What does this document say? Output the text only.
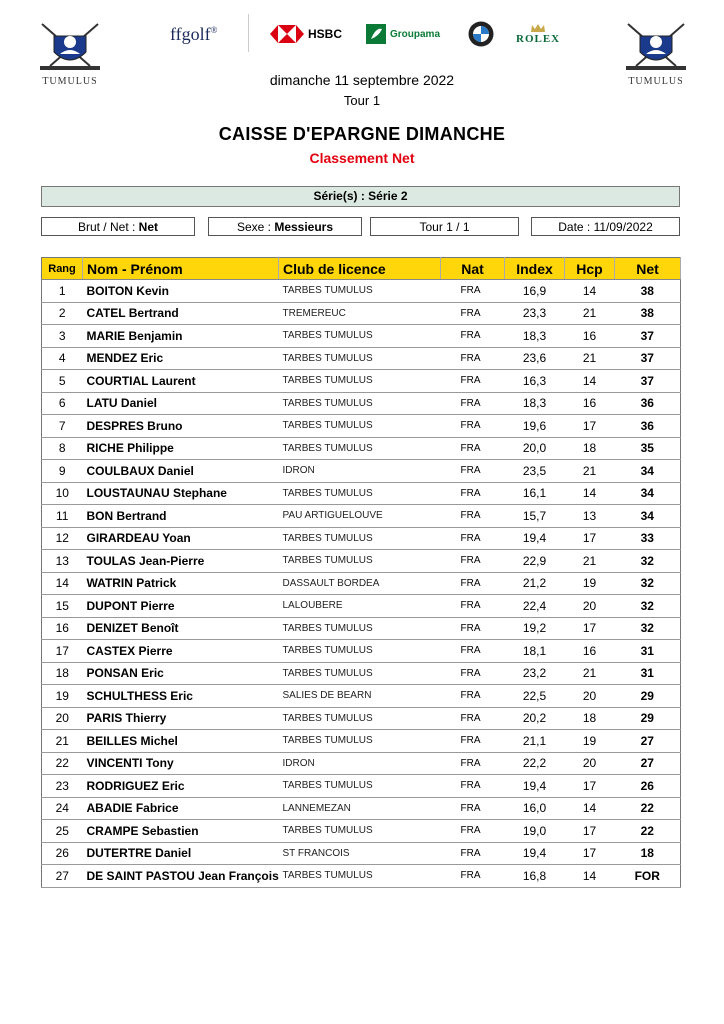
TUMULUS	TUMULUS
ffgolf ®	HSBC	Groupama	ROLEX
dimanche 11 septembre 2022
Tour 1
CAISSE D'EPARGNE DIMANCHE
Classement Net
Série(s) : Série 2
Brut / Net : Net	Sexe : Messieurs	Tour 1 / 1	Date : 11/09/2022
Rang	Nom - Prénom	Club de licence	Nat	Index	Hcp	Net
1	BOITON Kevin	TARBES TUMULUS	FRA	16,9	14	38
2	CATEL Bertrand	TREMEREUC	FRA	23,3	21	38
3	MARIE Benjamin	TARBES TUMULUS	FRA	18,3	16	37
4	MENDEZ Eric	TARBES TUMULUS	FRA	23,6	21	37
5	COURTIAL Laurent	TARBES TUMULUS	FRA	16,3	14	37
6	LATU Daniel	TARBES TUMULUS	FRA	18,3	16	36
7	DESPRES Bruno	TARBES TUMULUS	FRA	19,6	17	36
8	RICHE Philippe	TARBES TUMULUS	FRA	20,0	18	35
9	COULBAUX Daniel	IDRON	FRA	23,5	21	34
10	LOUSTAUNAU Stephane	TARBES TUMULUS	FRA	16,1	14	34
11	BON Bertrand	PAU ARTIGUELOUVE	FRA	15,7	13	34
12	GIRARDEAU Yoan	TARBES TUMULUS	FRA	19,4	17	33
13	TOULAS Jean-Pierre	TARBES TUMULUS	FRA	22,9	21	32
14	WATRIN Patrick	DASSAULT BORDEA	FRA	21,2	19	32
15	DUPONT Pierre	LALOUBERE	FRA	22,4	20	32
16	DENIZET Benoît	TARBES TUMULUS	FRA	19,2	17	32
17	CASTEX Pierre	TARBES TUMULUS	FRA	18,1	16	31
18	PONSAN Eric	TARBES TUMULUS	FRA	23,2	21	31
19	SCHULTHESS Eric	SALIES DE BEARN	FRA	22,5	20	29
20	PARIS Thierry	TARBES TUMULUS	FRA	20,2	18	29
21	BEILLES Michel	TARBES TUMULUS	FRA	21,1	19	27
22	VINCENTI Tony	IDRON	FRA	22,2	20	27
23	RODRIGUEZ Eric	TARBES TUMULUS	FRA	19,4	17	26
24	ABADIE Fabrice	LANNEMEZAN	FRA	16,0	14	22
25	CRAMPE Sebastien	TARBES TUMULUS	FRA	19,0	17	22
26	DUTERTRE Daniel	ST FRANCOIS	FRA	19,4	17	18
27	DE SAINT PASTOU Jean François	TARBES TUMULUS	FRA	16,8	14	FOR
